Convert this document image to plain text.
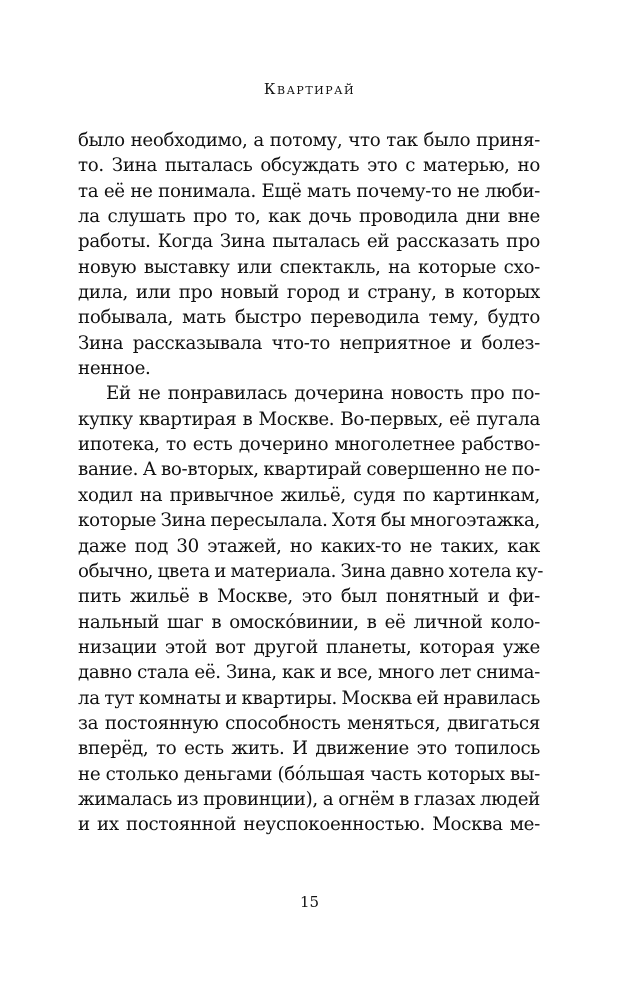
Квартирай
было необходимо, а потому, что так было приня-
то. Зина пыталась обсуждать это с матерью, но
та её не понимала. Ещё мать почему-то не люби-
ла слушать про то, как дочь проводила дни вне
работы. Когда Зина пыталась ей рассказать про
новую выставку или спектакль, на которые схо-
дила, или про новый город и страну, в которых
побывала, мать быстро переводила тему, будто
Зина рассказывала что-то неприятное и болез-
ненное.
Ей не понравилась дочерина новость про по-
купку квартирая в Москве. Во-первых, её пугала
ипотека, то есть дочерино многолетнее рабство-
вание. А во-вторых, квартирай совершенно не по-
ходил на привычное жильё, судя по картинкам,
которые Зина пересылала. Хотя бы многоэтажка,
даже под 30 этажей, но каких-то не таких, как
обычно, цвета и материала. Зина давно хотела ку-
пить жильё в Москве, это был понятный и фи-
нальный шаг в омоско́винии, в её личной коло-
низации этой вот другой планеты, которая уже
давно стала её. Зина, как и все, много лет снима-
ла тут комнаты и квартиры. Москва ей нравилась
за постоянную способность меняться, двигаться
вперёд, то есть жить. И движение это топилось
не столько деньгами (бо́льшая часть которых вы-
жималась из провинции), а огнём в глазах людей
и их постоянной неуспокоенностью. Москва ме-
15
